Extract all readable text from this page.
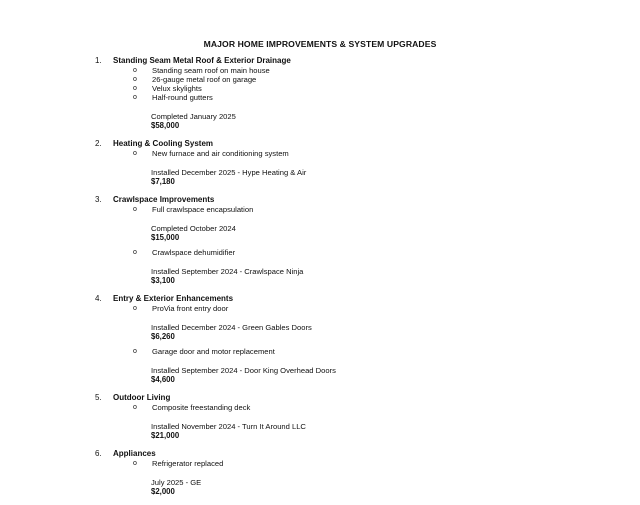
MAJOR HOME IMPROVEMENTS & SYSTEM UPGRADES
1.	Standing Seam Metal Roof & Exterior Drainage
o	Standing seam roof on main house
o	26-gauge metal roof on garage
o	Velux skylights
o	Half-round gutters
Completed January 2025
$58,000
2.	Heating & Cooling System
o	New furnace and air conditioning system
Installed December 2025 - Hype Heating & Air
$7,180
3.	Crawlspace Improvements
o	Full crawlspace encapsulation
Completed October 2024
$15,000
o	Crawlspace dehumidifier
Installed September 2024 - Crawlspace Ninja
$3,100
4.	Entry & Exterior Enhancements
o	ProVia front entry door
Installed December 2024 - Green Gables Doors
$6,260
o	Garage door and motor replacement
Installed September 2024 - Door King Overhead Doors
$4,600
5.	Outdoor Living
o	Composite freestanding deck
Installed November 2024 - Turn It Around LLC
$21,000
6.	Appliances
o	Refrigerator replaced
July 2025 - GE
$2,000
